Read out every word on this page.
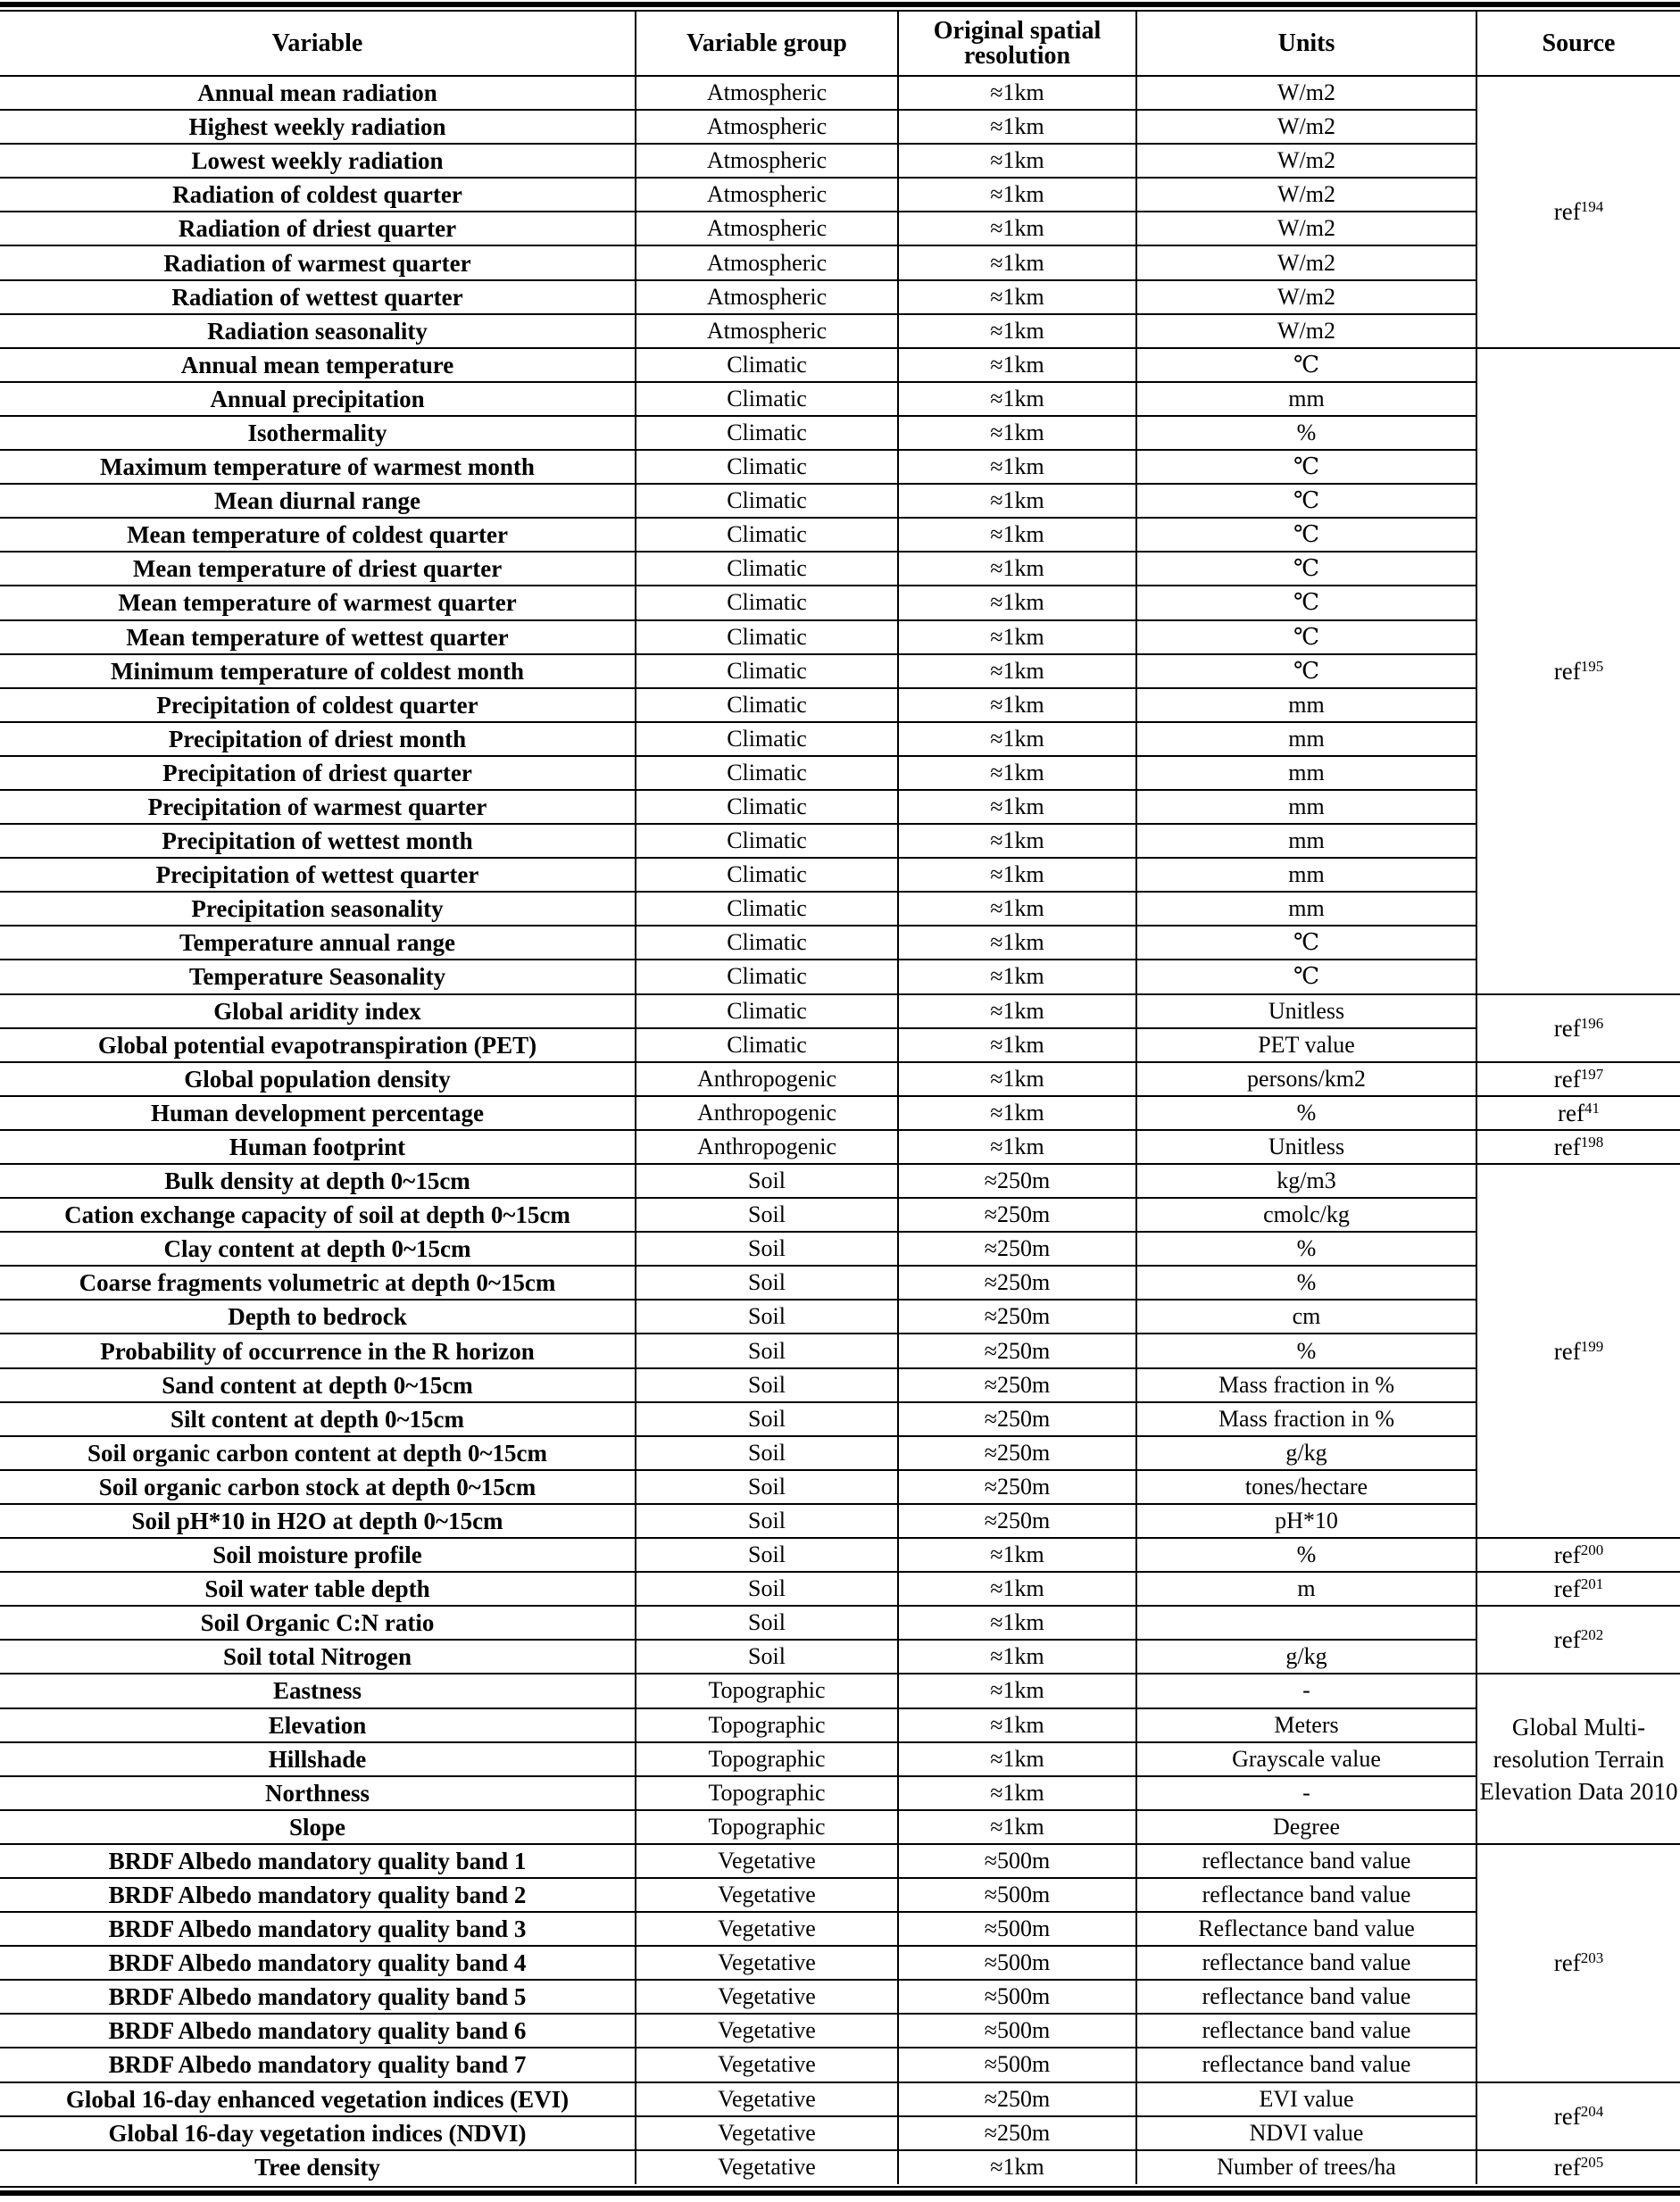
Variable	Variable group	Original spatial resolution	Units	Source
Annual mean radiation	Atmospheric	≈1km	W/m2	ref$^{194}$
Highest weekly radiation	Atmospheric	≈1km	W/m2	
Lowest weekly radiation	Atmospheric	≈1km	W/m2	
Radiation of coldest quarter	Atmospheric	≈1km	W/m2	
Radiation of driest quarter	Atmospheric	≈1km	W/m2	
Radiation of warmest quarter	Atmospheric	≈1km	W/m2	
Radiation of wettest quarter	Atmospheric	≈1km	W/m2	
Radiation seasonality	Atmospheric	≈1km	W/m2	
Annual mean temperature	Climatic	≈1km	℃	ref$^{195}$
Annual precipitation	Climatic	≈1km	mm	
Isothermality	Climatic	≈1km	%	
Maximum temperature of warmest month	Climatic	≈1km	℃	
Mean diurnal range	Climatic	≈1km	℃	
Mean temperature of coldest quarter	Climatic	≈1km	℃	
Mean temperature of driest quarter	Climatic	≈1km	℃	
Mean temperature of warmest quarter	Climatic	≈1km	℃	
Mean temperature of wettest quarter	Climatic	≈1km	℃	
Minimum temperature of coldest month	Climatic	≈1km	℃	
Precipitation of coldest quarter	Climatic	≈1km	mm	
Precipitation of driest month	Climatic	≈1km	mm	
Precipitation of driest quarter	Climatic	≈1km	mm	
Precipitation of warmest quarter	Climatic	≈1km	mm	
Precipitation of wettest month	Climatic	≈1km	mm	
Precipitation of wettest quarter	Climatic	≈1km	mm	
Precipitation seasonality	Climatic	≈1km	mm	
Temperature annual range	Climatic	≈1km	℃	
Temperature Seasonality	Climatic	≈1km	℃	
Global aridity index	Climatic	≈1km	Unitless	ref$^{196}$
Global potential evapotranspiration (PET)	Climatic	≈1km	PET value	
Global population density	Anthropogenic	≈1km	persons/km2	ref$^{197}$
Human development percentage	Anthropogenic	≈1km	%	ref$^{41}$
Human footprint	Anthropogenic	≈1km	Unitless	ref$^{198}$
Bulk density at depth 0~15cm	Soil	≈250m	kg/m3	ref$^{199}$
Cation exchange capacity of soil at depth 0~15cm	Soil	≈250m	cmolc/kg	
Clay content at depth 0~15cm	Soil	≈250m	%	
Coarse fragments volumetric at depth 0~15cm	Soil	≈250m	%	
Depth to bedrock	Soil	≈250m	cm	
Probability of occurrence in the R horizon	Soil	≈250m	%	
Sand content at depth 0~15cm	Soil	≈250m	Mass fraction in %	
Silt content at depth 0~15cm	Soil	≈250m	Mass fraction in %	
Soil organic carbon content at depth 0~15cm	Soil	≈250m	g/kg	
Soil organic carbon stock at depth 0~15cm	Soil	≈250m	tones/hectare	
Soil pH*10 in H2O at depth 0~15cm	Soil	≈250m	pH*10	
Soil moisture profile	Soil	≈1km	%	ref$^{200}$
Soil water table depth	Soil	≈1km	m	ref$^{201}$
Soil Organic C:N ratio	Soil	≈1km		ref$^{202}$
Soil total Nitrogen	Soil	≈1km	g/kg	
Eastness	Topographic	≈1km	-	Global Multi-resolution Terrain Elevation Data 2010
Elevation	Topographic	≈1km	Meters	
Hillshade	Topographic	≈1km	Grayscale value	
Northness	Topographic	≈1km	-	
Slope	Topographic	≈1km	Degree	
BRDF Albedo mandatory quality band 1	Vegetative	≈500m	reflectance band value	ref$^{203}$
BRDF Albedo mandatory quality band 2	Vegetative	≈500m	reflectance band value	
BRDF Albedo mandatory quality band 3	Vegetative	≈500m	Reflectance band value	
BRDF Albedo mandatory quality band 4	Vegetative	≈500m	reflectance band value	
BRDF Albedo mandatory quality band 5	Vegetative	≈500m	reflectance band value	
BRDF Albedo mandatory quality band 6	Vegetative	≈500m	reflectance band value	
BRDF Albedo mandatory quality band 7	Vegetative	≈500m	reflectance band value	
Global 16-day enhanced vegetation indices (EVI)	Vegetative	≈250m	EVI value	ref$^{204}$
Global 16-day vegetation indices (NDVI)	Vegetative	≈250m	NDVI value	
Tree density	Vegetative	≈1km	Number of trees/ha	ref$^{205}$
